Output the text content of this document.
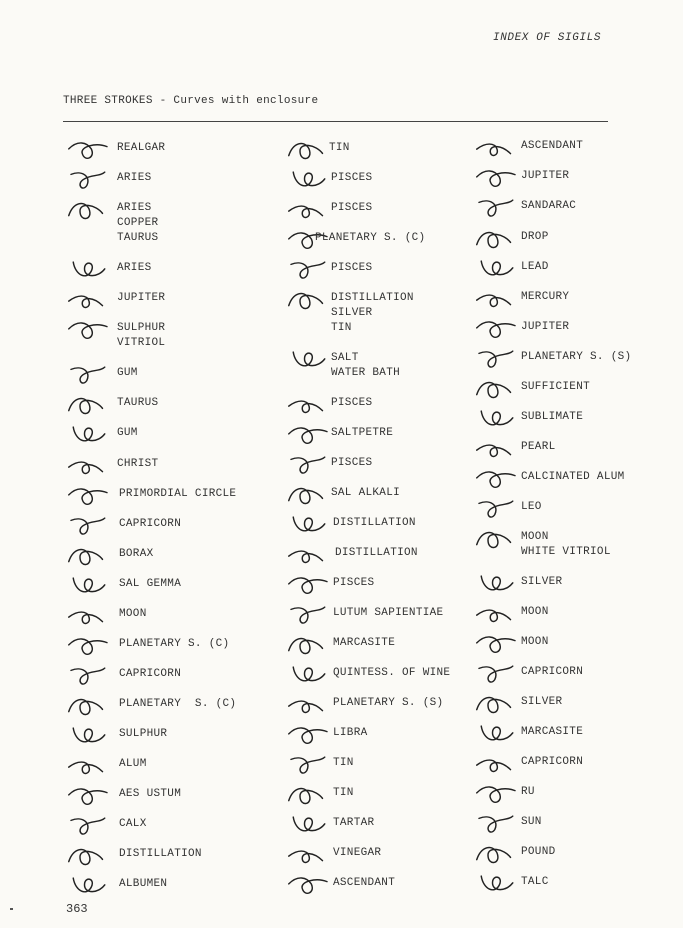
INDEX OF SIGILS
THREE STROKES - Curves with enclosure
REALGAR
ARIES
ARIES
COPPER
TAURUS
ARIES
JUPITER
SULPHUR
VITRIOL
GUM
TAURUS
GUM
CHRIST
PRIMORDIAL CIRCLE
CAPRICORN
BORAX
SAL GEMMA
MOON
PLANETARY S. (C)
CAPRICORN
PLANETARY  S. (C)
SULPHUR
ALUM
AES USTUM
CALX
DISTILLATION
ALBUMEN
TIN
PISCES
PISCES
PLANETARY S. (C)
PISCES
DISTILLATION
SILVER
TIN
SALT
WATER BATH
PISCES
SALTPETRE
PISCES
SAL ALKALI
DISTILLATION
DISTILLATION
PISCES
LUTUM SAPIENTIAE
MARCASITE
QUINTESS. OF WINE
PLANETARY S. (S)
LIBRA
TIN
TIN
TARTAR
VINEGAR
ASCENDANT
ASCENDANT
JUPITER
SANDARAC
DROP
LEAD
MERCURY
JUPITER
PLANETARY S. (S)
SUFFICIENT
SUBLIMATE
PEARL
CALCINATED ALUM
LEO
MOON
WHITE VITRIOL
SILVER
MOON
MOON
CAPRICORN
SILVER
MARCASITE
CAPRICORN
RU
SUN
POUND
TALC
363
